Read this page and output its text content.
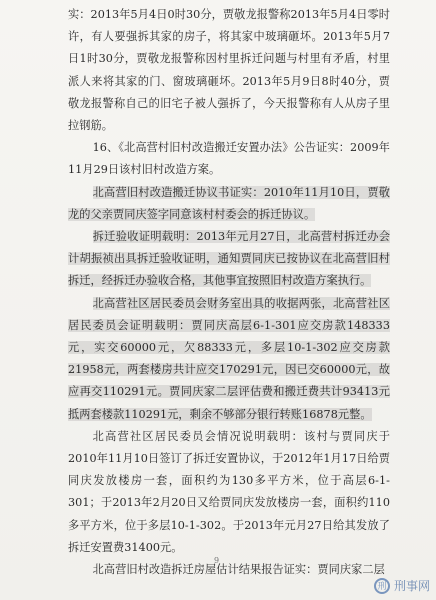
实：2013年5月4日0时30分，贾敬龙报警称2013年5月4日零时许，有人要强拆其家的房子，将其家中玻璃砸坏。2013年5月7日1时30分，贾敬龙报警称因村里拆迁问题与村里有矛盾，村里派人来将其家的门、窗玻璃砸坏。2013年5月9日8时40分，贾敬龙报警称自己的旧宅子被人强拆了，今天报警称有人从房子里拉钢筋。

16、《北高营村旧村改造搬迁安置办法》公告证实：2009年11月29日该村旧村改造方案。

北高营旧村改造搬迁协议书证实：2010年11月10日，贾敬龙的父亲贾同庆签字同意该村村委会的拆迁协议。

拆迁验收证明载明：2013年元月27日，北高营村拆迁办会计胡振祯出具拆迁验收证明，通知贾同庆已按协议在北高营旧村拆迁，经拆迁办验收合格，其他事宜按照旧村改造方案执行。

北高营社区居民委员会财务室出具的收据两张，北高营社区居民委员会证明载明：贾同庆高层6-1-301应交房款148333元，实交60000元，欠88333元，多层10-1-302应交房款21958元，两套楼房共计应交170291元，因已交60000元，故应再交110291元。贾同庆家二层评估费和搬迁费共计93413元抵两套楼款110291元，剩余不够部分银行转账16878元整。

北高营社区居民委员会情况说明载明：该村与贾同庆于2010年11月10日签订了拆迁安置协议，于2012年1月17日给贾同庆发放楼房一套，面积约为130多平方米，位于高层6-1-301；于2013年2月20日又给贾同庆发放楼房一套，面积约110多平方米，位于多层10-1-302。于2013年元月27日给其发放了拆迁安置费31400元。

北高营旧村改造拆迁房屋估计结果报告证实：贾同庆家二层

9
刑 刑事网
